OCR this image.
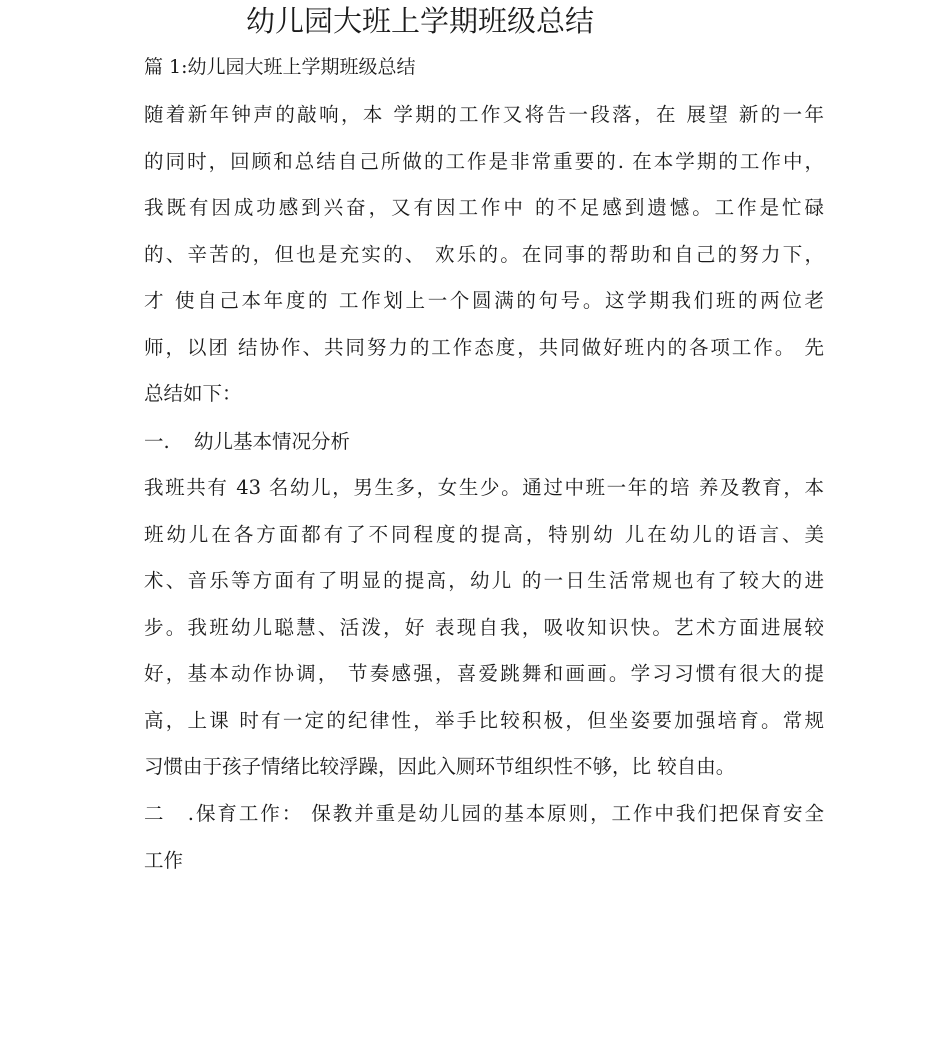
幼儿园大班上学期班级总结
篇 1:幼儿园大班上学期班级总结
随着新年钟声的敲响，本 学期的工作又将告一段落，在 展望 新的一年
的同时，回顾和总结自己所做的工作是非常重要的. 在本学期的工作中，
我既有因成功感到兴奋，又有因工作中 的不足感到遗憾。工作是忙碌
的、辛苦的，但也是充实的、 欢乐的。在同事的帮助和自己的努力下，
才 使自己本年度的 工作划上一个圆满的句号。这学期我们班的两位老
师，以团 结协作、共同努力的工作态度，共同做好班内的各项工作。 先
总结如下：
一. 幼儿基本情况分析
我班共有 43 名幼儿，男生多，女生少。通过中班一年的培 养及教育，本
班幼儿在各方面都有了不同程度的提高，特别幼 儿在幼儿的语言、美
术、音乐等方面有了明显的提高，幼儿 的一日生活常规也有了较大的进
步。我班幼儿聪慧、活泼，好 表现自我，吸收知识快。艺术方面进展较
好，基本动作协调， 节奏感强，喜爱跳舞和画画。学习习惯有很大的提
高，上课 时有一定的纪律性，举手比较积极，但坐姿要加强培育。常规
习惯由于孩子情绪比较浮躁，因此入厕环节组织性不够，比 较自由。
二.保育工作： 保教并重是幼儿园的基本原则，工作中我们把保育安全
工作
